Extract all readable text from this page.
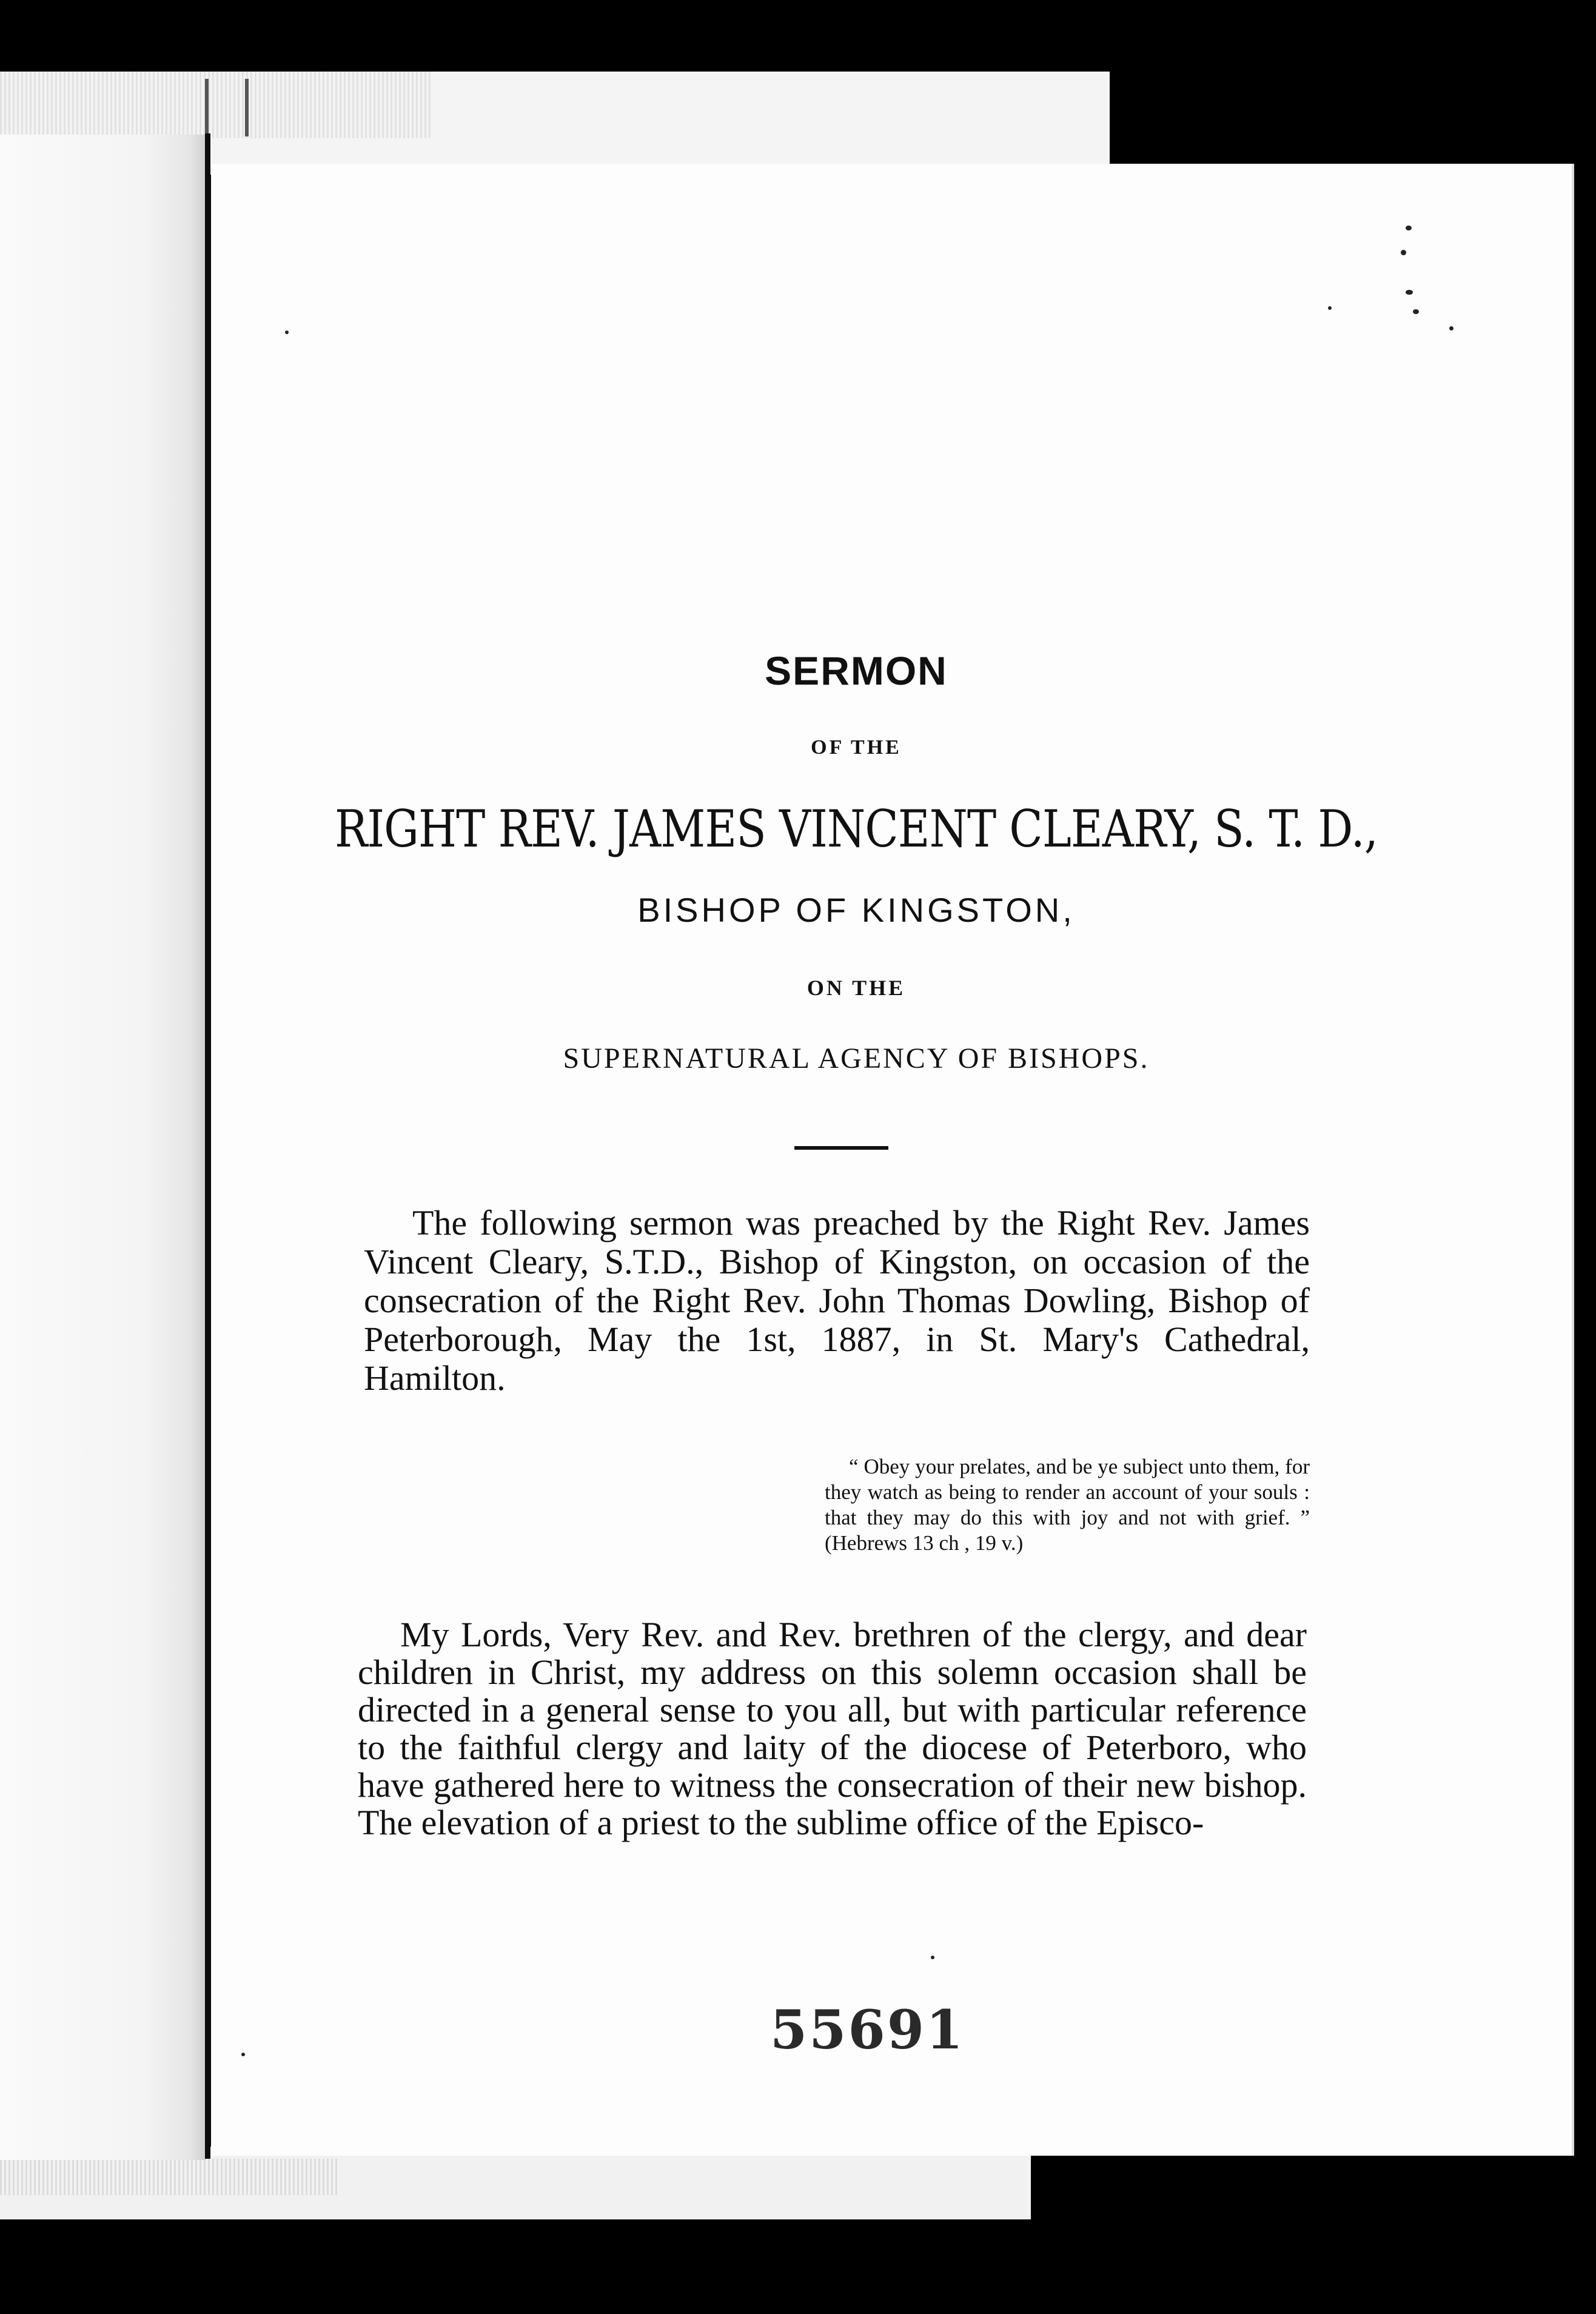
SERMON
OF THE
RIGHT REV. JAMES VINCENT CLEARY, S. T. D.,
BISHOP OF KINGSTON,
ON THE
SUPERNATURAL AGENCY OF BISHOPS.

The following sermon was preached by the Right Rev. James Vincent Cleary, S.T.D., Bishop of Kingston, on occasion of the consecration of the Right Rev. John Thomas Dowling, Bishop of Peterborough, May the 1st, 1887, in St. Mary's Cathedral, Hamilton.

“ Obey your prelates, and be ye subject unto them, for they watch as being to render an account of your souls : that they may do this with joy and not with grief. ” (Hebrews 13 ch , 19 v.)

My Lords, Very Rev. and Rev. brethren of the clergy, and dear children in Christ, my address on this solemn occasion shall be directed in a general sense to you all, but with particular reference to the faithful clergy and laity of the diocese of Peterboro, who have gathered here to witness the consecration of their new bishop. The elevation of a priest to the sublime office of the Episco-

55691
